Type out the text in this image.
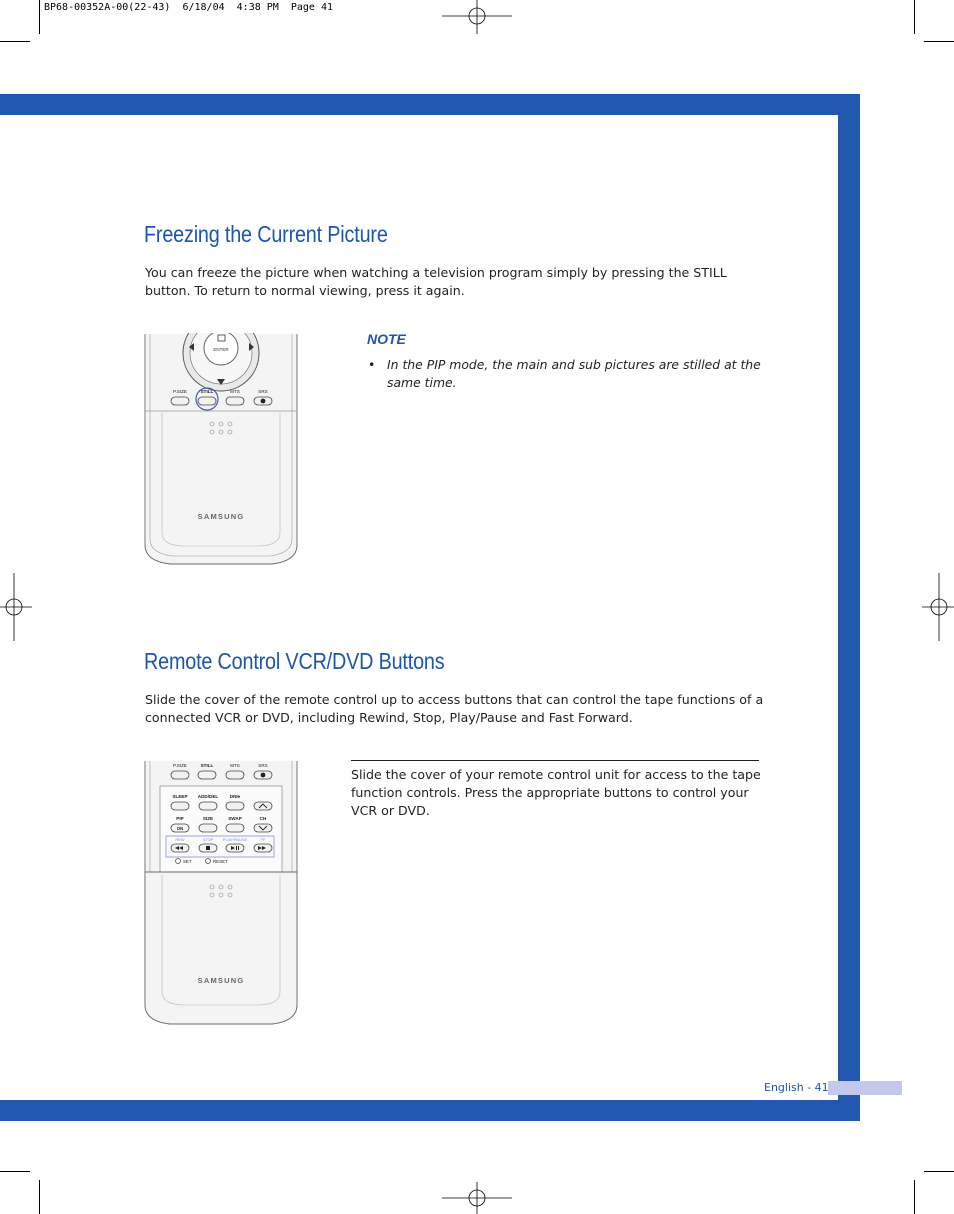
BP68-00352A-00(22-43)  6/18/04  4:38 PM  Page 41
English - 41
Freezing the Current Picture
You can freeze the picture when watching a television program simply by pressing the STILL
button. To return to normal viewing, press it again.
NOTE
• In the PIP mode, the main and sub pictures are stilled at the
same time.
ENTER
P.SIZE	STILL	MTS	SRS
SAMSUNG
Remote Control VCR/DVD Buttons
Slide the cover of the remote control up to access buttons that can control the tape functions of a
connected VCR or DVD, including Rewind, Stop, Play/Pause and Fast Forward.
Slide the cover of your remote control unit for access to the tape
function controls. Press the appropriate buttons to control your
VCR or DVD.
P.SIZE	STILL	MTS	SRS
SLEEP ADD/DEL	DNIe
PIP	SIZE	SWAP	CH
ON
REW	STOP PLAY/PAUSE	FF
SET	RESET
SAMSUNG
